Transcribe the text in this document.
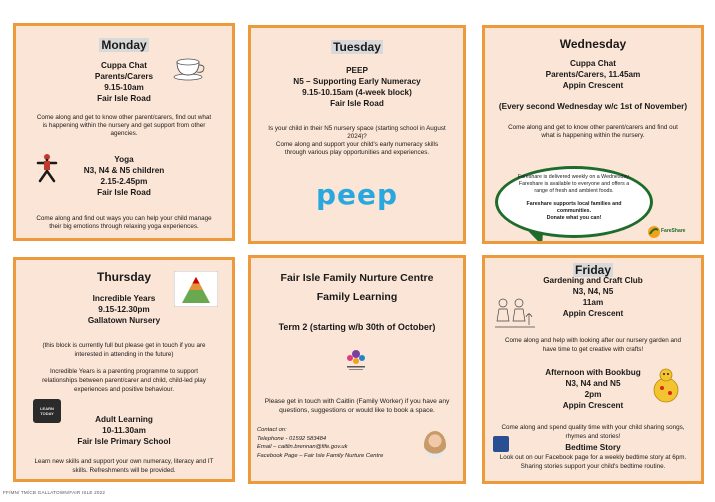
Monday
Cuppa Chat
Parents/Carers
9.15-10am
Fair Isle Road
Come along and get to know other parent/carers, find out what
is happening within the nursery and get support from other
agencies.
Yoga
N3, N4 & N5 children
2.15-2.45pm
Fair Isle Road
Come along and find out ways you can help your child manage
their big emotions through relaxing yoga experiences.
Tuesday
PEEP
N5 – Supporting Early Numeracy
9.15-10.15am (4-week block)
Fair Isle Road
Is your child in their N5 nursery space (starting school in August
2024)?
Come along and support your child's early numeracy skills
through various play opportunities and experiences.
peep
Wednesday
Cuppa Chat
Parents/Carers, 11.45am
Appin Crescent
(Every second Wednesday w/c 1st of November)
Come along and get to know other parent/carers and find out
what is happening within the nursery.
Fareshare is delivered weekly on a Wednesday.
Fareshare is available to everyone and offers a
range of fresh and ambient foods.
Fareshare supports local families and
communities.
Donate what you can!
FareShare
Thursday
Incredible Years
9.15-12.30pm
Gallatown Nursery
(this block is currently full but please get in touch if you are
interested in attending in the future)
Incredible Years is a parenting programme to support
relationships between parent/carer and child, child-led play
experiences and positive behaviour.
LEARN TODAY
Adult Learning
10-11.30am
Fair Isle Primary School
Learn new skills and support your own numeracy, literacy and IT
skills. Refreshments will be provided.
Fair Isle Family Nurture Centre
Family Learning
Term 2 (starting w/b 30th of October)
Please get in touch with Caitlin (Family Worker) if you have any
questions, suggestions or would like to book a space.
Contact on:
Telephone - 01592 583484
Email – caitlin.brennan@fife.gov.uk
Facebook Page – Fair Isle Family Nurture Centre
Friday
Gardening and Craft Club
N3, N4, N5
11am
Appin Crescent
Come along and help with looking after our nursery garden and
have time to get creative with crafts!
Afternoon with Bookbug
N3, N4 and N5
2pm
Appin Crescent
Come along and spend quality time with your child sharing songs,
rhymes and stories!
Bedtime Story
Look out on our Facebook page for a weekly bedtime story at 6pm.
Sharing stories support your child's bedtime routine.
FF/MN/ TM/CB GALLATOWN/FAIR ISLE 2022
